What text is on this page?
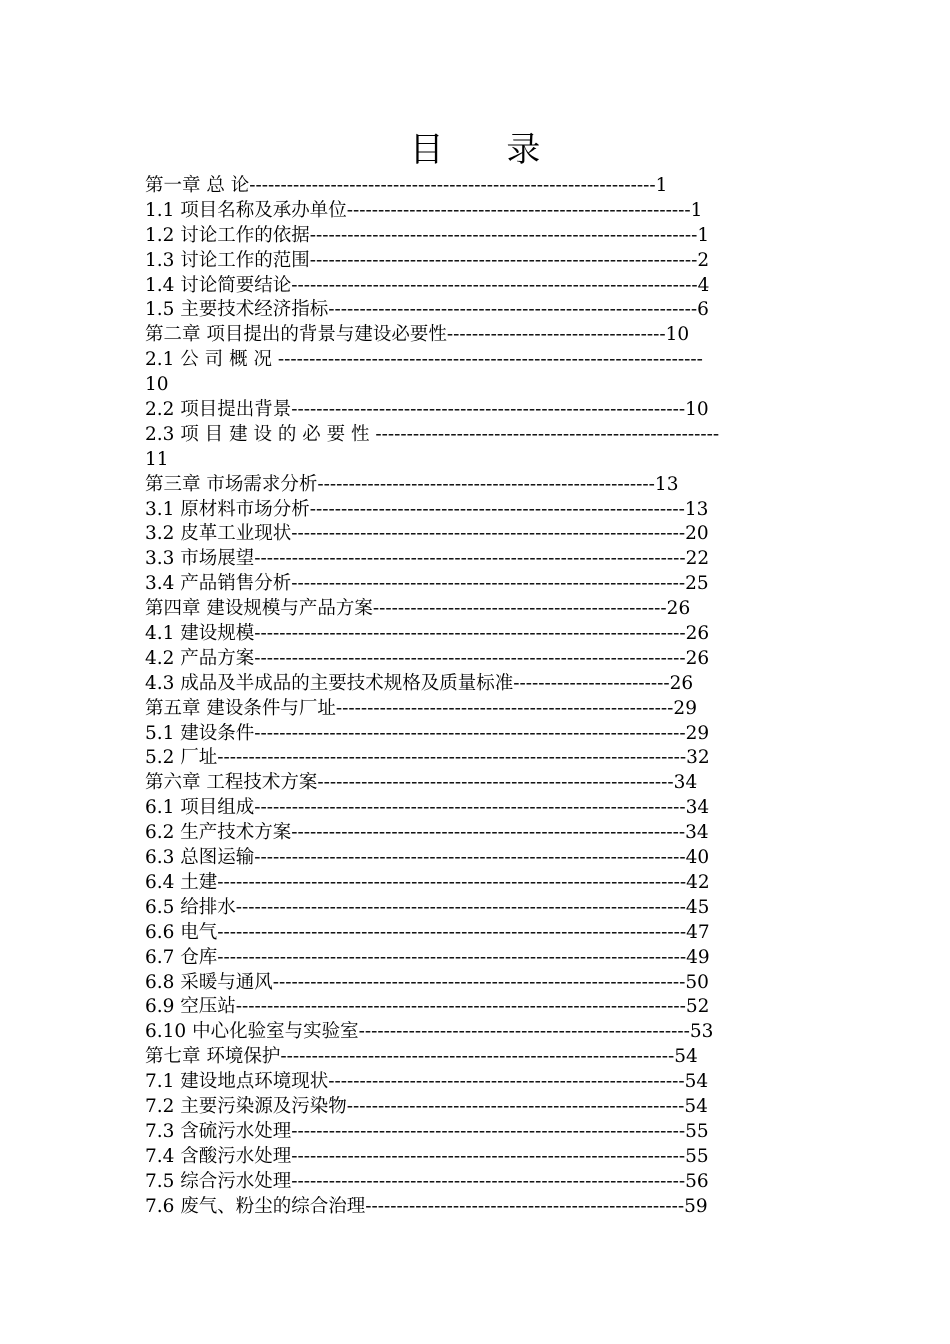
目 录
第一章 总 论-----------------------------------------------------------------1
1.1 项目名称及承办单位-------------------------------------------------------1
1.2 讨论工作的依据--------------------------------------------------------------1
1.3 讨论工作的范围--------------------------------------------------------------2
1.4 讨论简要结论-----------------------------------------------------------------4
1.5 主要技术经济指标-----------------------------------------------------------6
第二章 项目提出的背景与建设必要性-----------------------------------10
2.1 公 司 概 况 --------------------------------------------------------------------
10
2.2 项目提出背景---------------------------------------------------------------10
2.3 项 目 建 设 的 必 要 性 -------------------------------------------------------
11
第三章 市场需求分析------------------------------------------------------13
3.1 原材料市场分析------------------------------------------------------------13
3.2 皮革工业现状---------------------------------------------------------------20
3.3 市场展望---------------------------------------------------------------------22
3.4 产品销售分析---------------------------------------------------------------25
第四章 建设规模与产品方案-----------------------------------------------26
4.1 建设规模---------------------------------------------------------------------26
4.2 产品方案---------------------------------------------------------------------26
4.3 成品及半成品的主要技术规格及质量标准-------------------------26
第五章 建设条件与厂址------------------------------------------------------29
5.1 建设条件---------------------------------------------------------------------29
5.2 厂址---------------------------------------------------------------------------32
第六章 工程技术方案---------------------------------------------------------34
6.1 项目组成---------------------------------------------------------------------34
6.2 生产技术方案---------------------------------------------------------------34
6.3 总图运输---------------------------------------------------------------------40
6.4 土建---------------------------------------------------------------------------42
6.5 给排水------------------------------------------------------------------------45
6.6 电气---------------------------------------------------------------------------47
6.7 仓库---------------------------------------------------------------------------49
6.8 采暖与通风------------------------------------------------------------------50
6.9 空压站------------------------------------------------------------------------52
6.10 中心化验室与实验室-----------------------------------------------------53
第七章 环境保护---------------------------------------------------------------54
7.1 建设地点环境现状---------------------------------------------------------54
7.2 主要污染源及污染物------------------------------------------------------54
7.3 含硫污水处理---------------------------------------------------------------55
7.4 含酸污水处理---------------------------------------------------------------55
7.5 综合污水处理---------------------------------------------------------------56
7.6 废气、粉尘的综合治理---------------------------------------------------59
